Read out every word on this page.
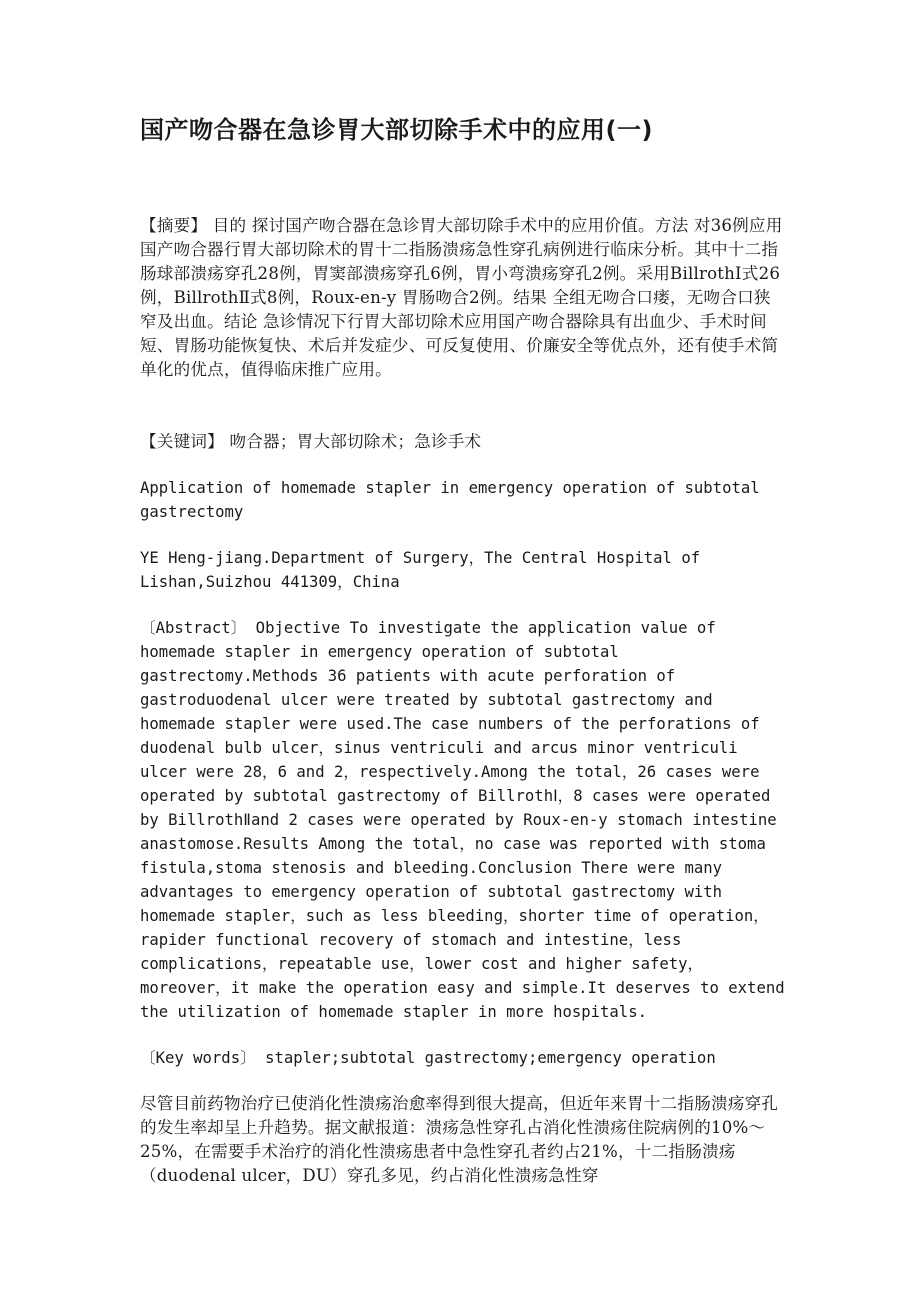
国产吻合器在急诊胃大部切除手术中的应用(一)

【摘要】 目的 探讨国产吻合器在急诊胃大部切除手术中的应用价值。方法 对36例应用国产吻合器行胃大部切除术的胃十二指肠溃疡急性穿孔病例进行临床分析。其中十二指肠球部溃疡穿孔28例，胃窦部溃疡穿孔6例，胃小弯溃疡穿孔2例。采用BillrothⅠ式26例，BillrothⅡ式8例，Roux-en-y 胃肠吻合2例。结果 全组无吻合口瘘，无吻合口狭窄及出血。结论 急诊情况下行胃大部切除术应用国产吻合器除具有出血少、手术时间短、胃肠功能恢复快、术后并发症少、可反复使用、价廉安全等优点外，还有使手术简单化的优点，值得临床推广应用。

【关键词】 吻合器；胃大部切除术；急诊手术

Application of homemade stapler in emergency operation of subtotal gastrectomy

YE Heng-jiang.Department of Surgery，The Central Hospital of Lishan,Suizhou 441309，China

〔Abstract〕 Objective To investigate the application value of homemade stapler in emergency operation of subtotal gastrectomy.Methods 36 patients with acute perforation of gastroduodenal ulcer were treated by subtotal gastrectomy and homemade stapler were used.The case numbers of the perforations of duodenal bulb ulcer，sinus ventriculi and arcus minor ventriculi ulcer were 28，6 and 2，respectively.Among the total，26 cases were operated by subtotal gastrectomy of BillrothⅠ，8 cases were operated by BillrothⅡand 2 cases were operated by Roux-en-y stomach intestine anastomose.Results Among the total，no case was reported with stoma fistula,stoma stenosis and bleeding.Conclusion There were many advantages to emergency operation of subtotal gastrectomy with homemade stapler，such as less bleeding，shorter time of operation，rapider functional recovery of stomach and intestine，less complications，repeatable use，lower cost and higher safety，moreover，it make the operation easy and simple.It deserves to extend the utilization of homemade stapler in more hospitals.

〔Key words〕 stapler;subtotal gastrectomy;emergency operation

尽管目前药物治疗已使消化性溃疡治愈率得到很大提高，但近年来胃十二指肠溃疡穿孔的发生率却呈上升趋势。据文献报道：溃疡急性穿孔占消化性溃疡住院病例的10%～25%，在需要手术治疗的消化性溃疡患者中急性穿孔者约占21%，十二指肠溃疡（duodenal ulcer，DU）穿孔多见，约占消化性溃疡急性穿
